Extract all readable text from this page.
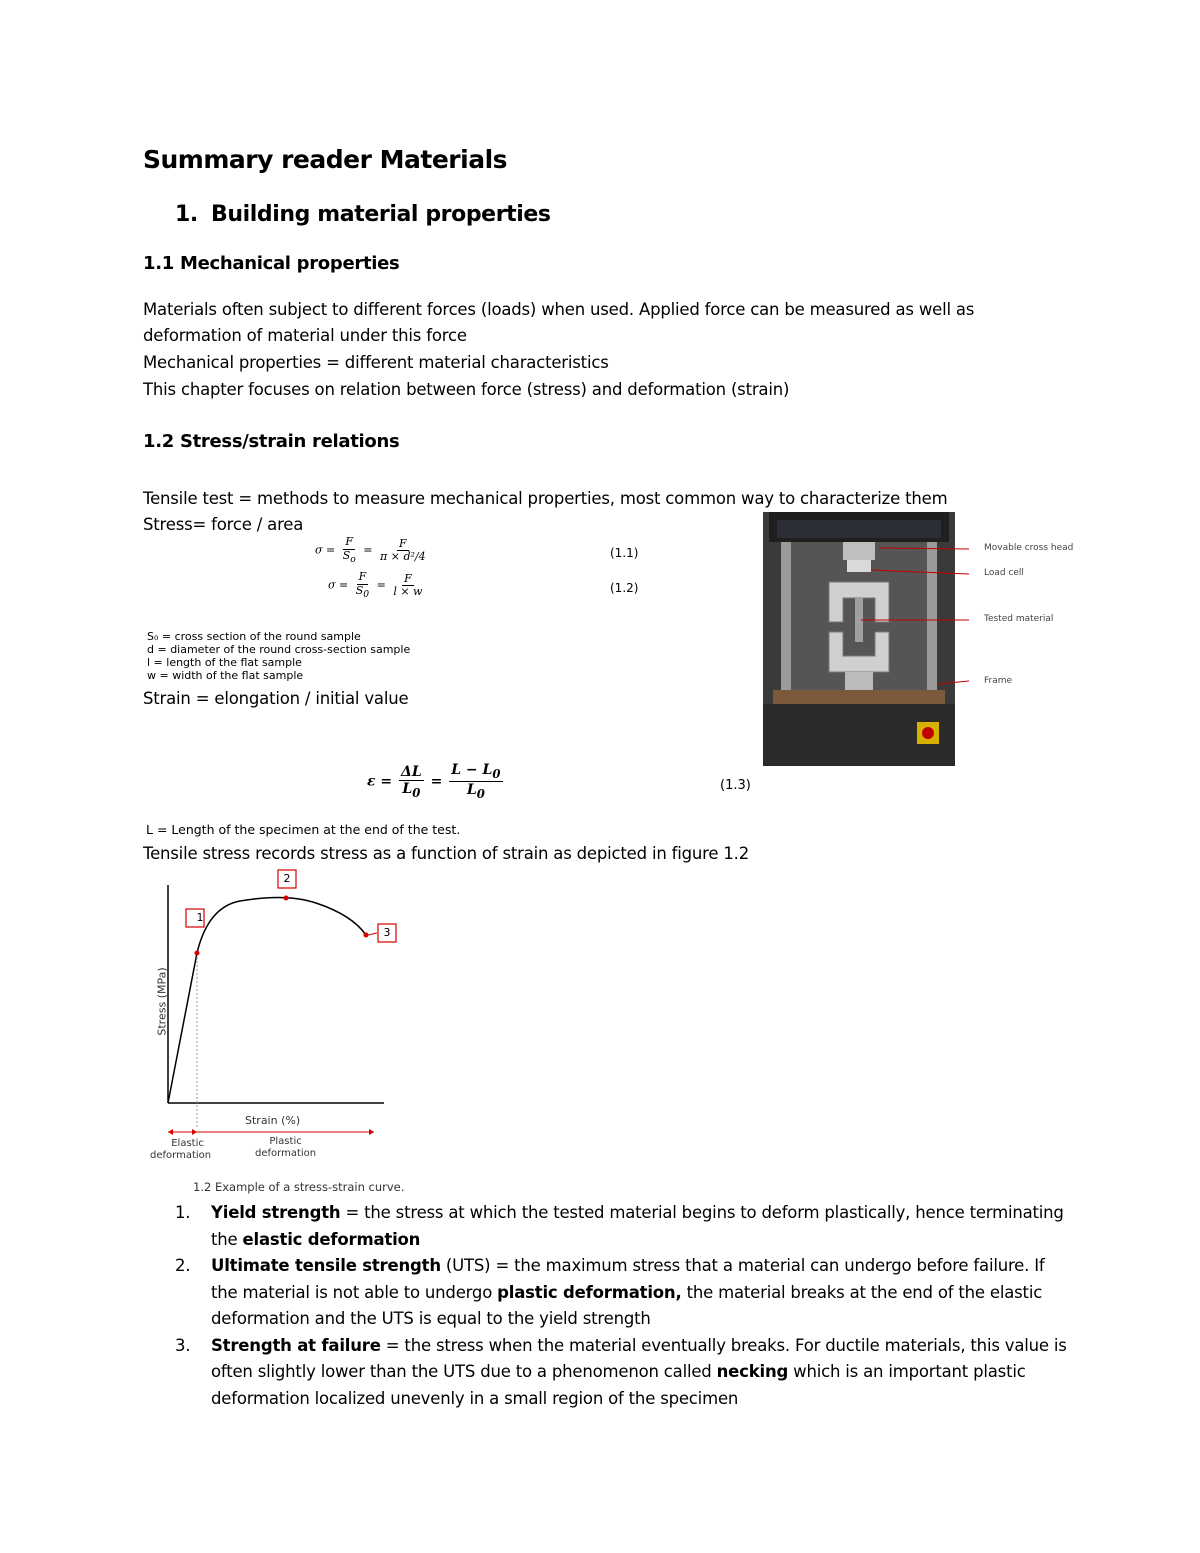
Summary reader Materials
1. Building material properties
1.1 Mechanical properties
Materials often subject to different forces (loads) when used. Applied force can be measured as well as
deformation of material under this force
Mechanical properties = different material characteristics
This chapter focuses on relation between force (stress) and deformation (strain)
1.2 Stress/strain relations
Tensile test = methods to measure mechanical properties, most common way to characterize them
Stress= force / area
$\sigma = \frac{F}{S_o} = \frac{F}{\text{π × d²/4}}$	(1.1)
$\sigma = \frac{F}{S_0} = \frac{F}{l \times w}$	(1.2)
S₀ = cross section of the round sample
d = diameter of the round cross-section sample
l = length of the flat sample
w = width of the flat sample
Strain = elongation / initial value
$\varepsilon = \frac{\Delta L}{L_0} = \frac{L - L_0}{L_0}$	(1.3)
L = Length of the specimen at the end of the test.
Tensile stress records stress as a function of strain as depicted in figure 1.2
Movable cross head
Load cell
Tested material
Frame
1
2
3
Stress (MPa)
Strain (%)
Elastic
deformation
Plastic
deformation
1.2 Example of a stress-strain curve.
1.	Yield strength = the stress at which the tested material begins to deform plastically, hence terminating the elastic deformation
2.	Ultimate tensile strength (UTS) = the maximum stress that a material can undergo before failure. If the material is not able to undergo plastic deformation, the material breaks at the end of the elastic deformation and the UTS is equal to the yield strength
3.	Strength at failure = the stress when the material eventually breaks. For ductile materials, this value is often slightly lower than the UTS due to a phenomenon called necking which is an important plastic deformation localized unevenly in a small region of the specimen
